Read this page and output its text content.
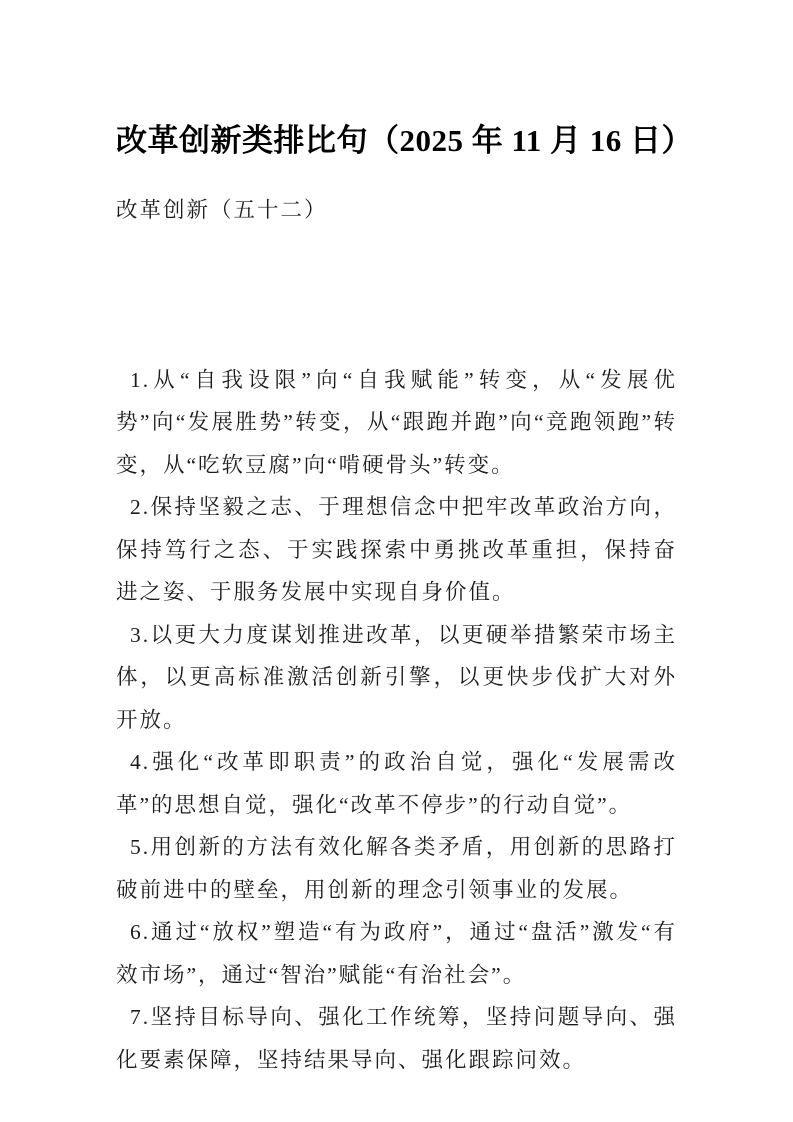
改革创新类排比句（2025 年 11 月 16 日）
改革创新（五十二）

1.从“自我设限”向“自我赋能”转变，从“发展优势”向“发展胜势”转变，从“跟跑并跑”向“竞跑领跑”转变，从“吃软豆腐”向“啃硬骨头”转变。

2.保持坚毅之志、于理想信念中把牢改革政治方向，保持笃行之态、于实践探索中勇挑改革重担，保持奋进之姿、于服务发展中实现自身价值。

3.以更大力度谋划推进改革，以更硬举措繁荣市场主体，以更高标准激活创新引擎，以更快步伐扩大对外开放。

4.强化“改革即职责”的政治自觉，强化“发展需改革”的思想自觉，强化“改革不停步”的行动自觉”。

5.用创新的方法有效化解各类矛盾，用创新的思路打破前进中的壁垒，用创新的理念引领事业的发展。

6.通过“放权”塑造“有为政府”，通过“盘活”激发“有效市场”，通过“智治”赋能“有治社会”。

7.坚持目标导向、强化工作统筹，坚持问题导向、强化要素保障，坚持结果导向、强化跟踪问效。
